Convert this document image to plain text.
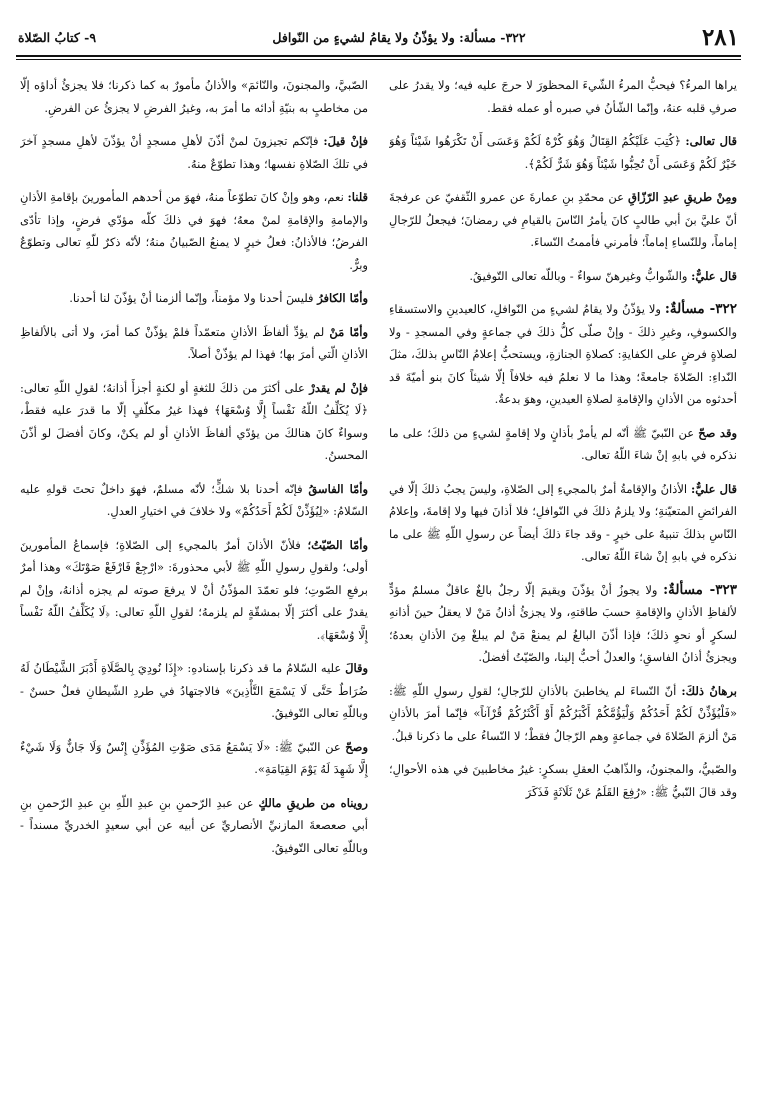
٢٨١
٣٢٢- مسألة: ولا يؤذّنُ ولا يقامُ لشيءٍ من النّوافل
٩- كتابُ الصّلاة

يراها المرءُ؟ فيحبُّ المرءُ الشّيءَ المحظورَ لا حرجَ عليه فيه؛ ولا يقدرُ على صرفِ قلبه عنهُ، وإنّما الشّأنُ في صبره أو عمله فقط.

قال تعالى: ﴿كُتِبَ عَلَيْكُمُ القِتَالُ وَهُوَ كُرْهٌ لَكُمْ وَعَسَى أَنْ تَكْرَهُوا شَيْئاً وَهُوَ خَيْرٌ لَكُمْ وَعَسَى أَنْ تُحِبُّوا شَيْئاً وَهُوَ شَرٌّ لَكُمْ﴾.

ومِنْ طريقِ عبدِ الرّزّاقِ عن محمّدِ بنِ عمارةَ عن عمرو الثّقفيّ عن عرفجةَ أنّ عليَّ بنَ أبي طالبٍ كانَ يأمرُ النّاسَ بالقيامِ في رمضانَ؛ فيجعلُ للرّجالِ إماماً، وللنّساءِ إماماً؛ فأمرني فأممتُ النّساءَ.

قال عليٌّ: والشّوابُّ وغيرهنّ سواءٌ - وباللّه تعالى التّوفيقُ.

٣٢٢- مسألةٌ: ولا يؤذّنُ ولا يقامُ لشيءٍ من النّوافلِ، كالعيدينِ والاستسقاءِ والكسوفِ، وغيرِ ذلكَ - وإنْ صلّى كلُّ ذلكَ في جماعةٍ وفي المسجدِ - ولا لصلاةٍ فرضٍ على الكفايةِ: كصلاةِ الجنازةِ، ويستحبُّ إعلامُ النّاسِ بذلكَ، مثلَ النّداءِ: الصّلاةَ جامعةً؛ وهذا ما لا نعلمُ فيه خلافاً إلّا شيئاً كانَ بنو أميّةَ قد أحدثوه من الأذانِ والإقامةِ لصلاةِ العيدينِ، وهوَ بدعةٌ.

وقد صحّ عن النّبيّ ﷺ أنّه لم يأمرْ بأذانٍ ولا إقامةٍ لشيءٍ من ذلكَ؛ على ما نذكره في بابهِ إنْ شاءَ اللّهُ تعالى.

قال عليٌّ: الأذانُ والإقامةُ أمرٌ بالمجيءِ إلى الصّلاةِ، وليسَ يجبُ ذلكَ إلّا في الفرائضِ المتعيّنةِ؛ ولا يلزمُ ذلكَ في النّوافلِ؛ فلا أذانَ فيها ولا إقامةَ، وإعلامُ النّاسِ بذلكَ تنبيهٌ على خيرٍ - وقد جاءَ ذلكَ أيضاً عن رسولِ اللّهِ ﷺ على ما نذكره في بابهِ إنْ شاءَ اللّهُ تعالى.

٣٢٣- مسألةٌ: ولا يجوزُ أنْ يؤذّنَ ويقيمَ إلّا رجلٌ بالغٌ عاقلٌ مسلمٌ مؤدٍّ لألفاظِ الأذانِ والإقامةِ حسبَ طاقتهِ، ولا يجزئُ أذانُ مَنْ لا يعقلُ حينَ أذانهِ لسكرٍ أو نحوِ ذلكَ؛ فإذا أذّنَ البالغُ لم يمنعْ مَنْ لم يبلغْ مِنَ الأذانِ بعدهُ؛ ويجزئُ أذانُ الفاسقِ؛ والعدلُ أحبُّ إلينا، والصّيّتُ أفضلُ.

برهانُ ذلكَ: أنّ النّساءَ لم يخاطبنَ بالأذانِ للرّجالِ؛ لقولِ رسولِ اللّهِ ﷺ: «فَلْيُؤَذِّنْ لَكُمْ أَحَدُكُمْ وَلْيَؤُمَّكُمْ أَكْبَرُكُمْ أَوْ أَكْثَرُكُمْ قُرْآناً» فإنّما أمرَ بالأذانِ مَنْ ألزمَ الصّلاةَ في جماعةٍ وهم الرّجالُ فقطْ؛ لا النّساءُ على ما ذكرنا قبلُ.

والصّبيُّ، والمجنونُ، والذّاهبُ العقلِ بسكرٍ: غيرُ مخاطبينَ في هذه الأحوالِ؛ وقد قالَ النّبيُّ ﷺ: «رُفِعَ القَلَمُ عَنْ ثَلَاثَةٍ فَذَكَرَ

الصّبيَّ، والمجنونَ، والنّائمَ» والأذانُ مأمورٌ به كما ذكرنا؛ فلا يجزئُ أداؤه إلّا من مخاطبٍ به بنيّةِ أدائه ما أمرَ به، وغيرُ الفرضِ لا يجزئُ عن الفرضِ.

فإنْ قيلَ: فإنّكم تجيزونَ لمنْ أذّنَ لأهلِ مسجدٍ أنْ يؤذّنَ لأهلِ مسجدٍ آخرَ في تلكَ الصّلاةِ نفسها؛ وهذا تطوّعٌ منهُ.

قلنا: نعم، وهو وإنْ كانَ تطوّعاً منهُ، فهوَ من أحدهم المأمورينَ بإقامةِ الأذانِ والإمامةِ والإقامةِ لمنْ معهُ؛ فهوَ في ذلكَ كلّه مؤدّي فرضٍ، وإذا تأدّى الفرضُ؛ فالأذانُ: فعلُ خيرٍ لا يمنعُ الصّبيانُ منهُ؛ لأنّه ذكرٌ للّهِ تعالى وتطوّعٌ وبرٌّ.

وأمّا الكافرُ فليسَ أحدنا ولا مؤمناً، وإنّما ألزمنا أنْ يؤذّنَ لنا أحدنا.

وأمّا مَنْ لم يؤدِّ ألفاظَ الأذانِ متعمّداً فلمْ يؤذّنْ كما أمرَ، ولا أتى بالألفاظِ الأذانِ الّتي أمرَ بها؛ فهذا لم يؤذّنْ أصلاً.

فإنْ لم يقدرْ على أكثرَ من ذلكَ للثغةٍ أو لكنةٍ أجزأَ أذانهُ؛ لقولِ اللّهِ تعالى: ﴿لَا يُكَلِّفُ اللّهُ نَفْساً إِلَّا وُسْعَهَا﴾ فهذا غيرُ مكلّفٍ إلّا ما قدرَ عليه فقطْ، وسواءٌ كانَ هنالكَ من يؤدّي ألفاظَ الأذانِ أو لم يكنْ، وكانَ أفضلَ لو أذّنَ المحسنُ.

وأمّا الفاسقُ فإنّه أحدنا بلا شكٍّ؛ لأنّه مسلمٌ، فهوَ داخلٌ تحتَ قولهِ عليه السّلامُ: «لِيُؤَذِّنْ لَكُمْ أَحَدُكُمْ» ولا خلافَ في اختيارِ العدلِ.

وأمّا الصّيّتُ؛ فلأنّ الأذانَ أمرٌ بالمجيءِ إلى الصّلاةِ؛ فإسماعُ المأمورينَ أولى؛ ولقولِ رسولِ اللّهِ ﷺ لأبي محذورةَ: «ارْجِعْ فَارْفَعْ صَوْتَكَ» وهذا أمرٌ برفعِ الصّوتِ؛ فلو تعمّدَ المؤذّنُ أنْ لا يرفعَ صوته لم يجزه أذانهُ، وإنْ لم يقدرْ على أكثرَ إلّا بمشقّةٍ لم يلزمهُ؛ لقولِ اللّهِ تعالى: ﴿لَا يُكَلِّفُ اللّهُ نَفْساً إِلَّا وُسْعَهَا﴾.

وقالَ عليه السّلامُ ما قد ذكرنا بإسنادهِ: «إِذَا نُودِيَ بِالصَّلَاةِ أَدْبَرَ الشَّيْطَانُ لَهُ ضُرَاطٌ حَتَّى لَا يَسْمَعَ التَّأْذِينَ» فالاجتهادُ في طردِ الشّيطانِ فعلٌ حسنٌ - وباللّهِ تعالى التّوفيقُ.

وصحّ عن النّبيّ ﷺ: «لَا يَسْمَعُ مَدَى صَوْتِ المُؤَذِّنِ إِنْسٌ وَلَا جَانٌّ وَلَا شَيْءٌ إِلَّا شَهِدَ لَهُ يَوْمَ القِيَامَةِ».

رويناه من طريقِ مالكٍ عن عبدِ الرّحمنِ بنِ عبدِ اللّهِ بنِ عبدِ الرّحمنِ بنِ أبي صعصعةَ المازنيِّ الأنصاريِّ عن أبيه عن أبي سعيدٍ الخدريِّ مسنداً - وباللّهِ تعالى التّوفيقُ.
